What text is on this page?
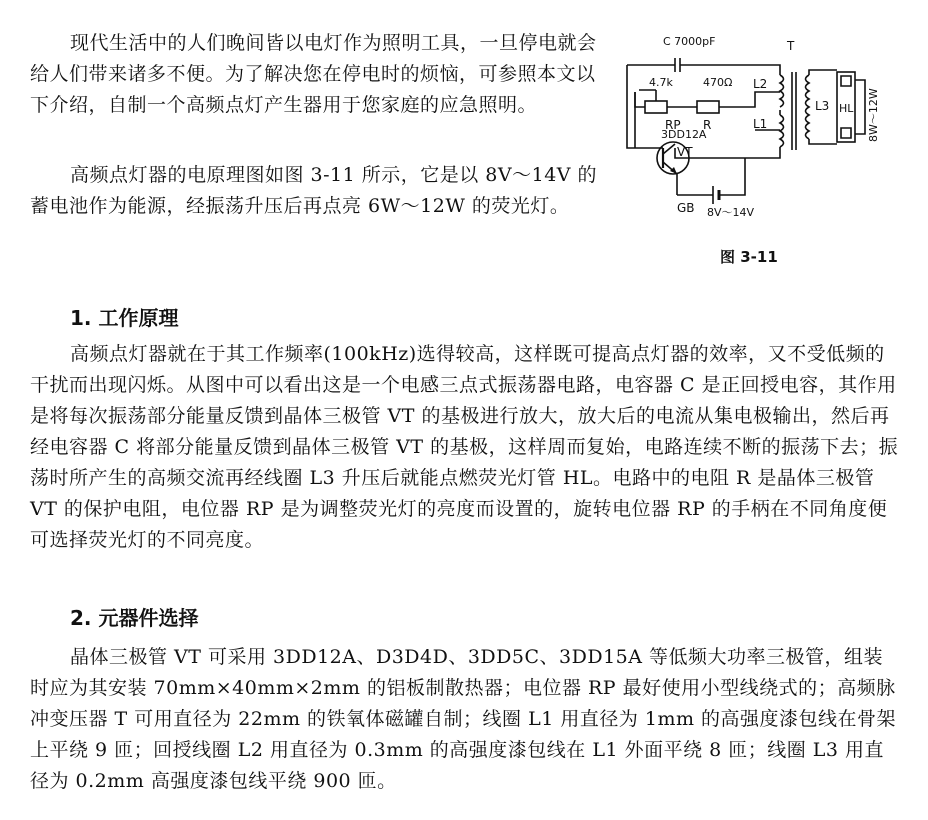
现代生活中的人们晚间皆以电灯作为照明工具，一旦停电就会给人们带来诸多不便。为了解决您在停电时的烦恼，可参照本文以下介绍，自制一个高频点灯产生器用于您家庭的应急照明。

高频点灯器的电原理图如图 3-11 所示，它是以 8V～14V 的蓄电池作为能源，经振荡升压后再点亮 6W～12W 的荧光灯。

C 7000pF	T
4.7k	470Ω
RP R
L2
L1
L3 HL 8W～12W
3DD12A
VT
GB 8V～14V
图 3-11
1. 工作原理

高频点灯器就在于其工作频率(100kHz)选得较高，这样既可提高点灯器的效率，又不受低频的干扰而出现闪烁。从图中可以看出这是一个电感三点式振荡器电路，电容器 C 是正回授电容，其作用是将每次振荡部分能量反馈到晶体三极管 VT 的基极进行放大，放大后的电流从集电极输出，然后再经电容器 C 将部分能量反馈到晶体三极管 VT 的基极，这样周而复始，电路连续不断的振荡下去；振荡时所产生的高频交流再经线圈 L3 升压后就能点燃荧光灯管 HL。电路中的电阻 R 是晶体三极管 VT 的保护电阻，电位器 RP 是为调整荧光灯的亮度而设置的，旋转电位器 RP 的手柄在不同角度便可选择荧光灯的不同亮度。

2. 元器件选择

晶体三极管 VT 可采用 3DD12A、D3D4D、3DD5C、3DD15A 等低频大功率三极管，组装时应为其安装 70mm×40mm×2mm 的铝板制散热器；电位器 RP 最好使用小型线绕式的；高频脉冲变压器 T 可用直径为 22mm 的铁氧体磁罐自制；线圈 L1 用直径为 1mm 的高强度漆包线在骨架上平绕 9 匝；回授线圈 L2 用直径为 0.3mm 的高强度漆包线在 L1 外面平绕 8 匝；线圈 L3 用直径为 0.2mm 高强度漆包线平绕 900 匝。
